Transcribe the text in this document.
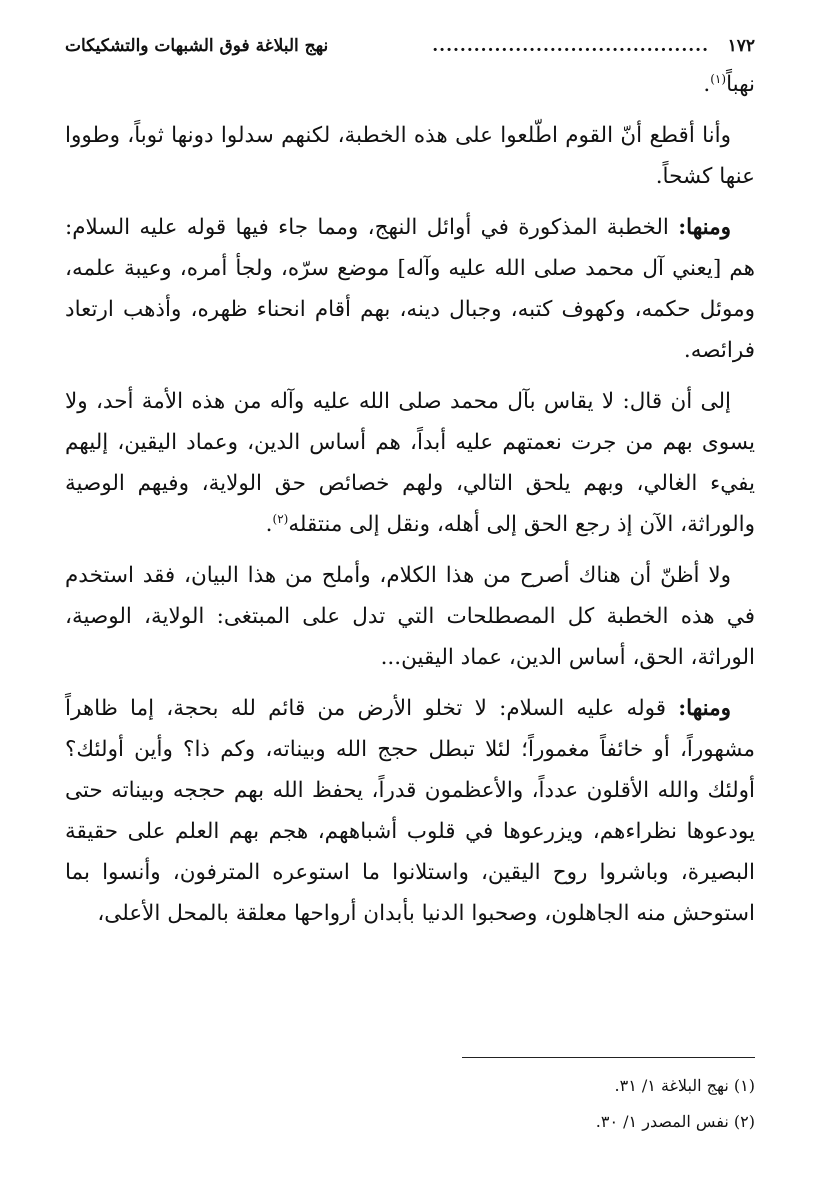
١٧٢
........................................
نهج البلاغة فوق الشبهات والتشكيكات

نهباً$^{(١)}$.

وأنا أقطع أنّ القوم اطّلعوا على هذه الخطبة، لكنهم سدلوا دونها ثوباً، وطووا عنها كشحاً.

ومنها: الخطبة المذكورة في أوائل النهج، ومما جاء فيها قوله عليه السلام: هم [يعني آل محمد صلى الله عليه وآله] موضع سرّه، ولجأ أمره، وعيبة علمه، وموئل حكمه، وكهوف كتبه، وجبال دينه، بهم أقام انحناء ظهره، وأذهب ارتعاد فرائصه.

إلى أن قال: لا يقاس بآل محمد صلى الله عليه وآله من هذه الأمة أحد، ولا يسوى بهم من جرت نعمتهم عليه أبداً، هم أساس الدين، وعماد اليقين، إليهم يفيء الغالي، وبهم يلحق التالي، ولهم خصائص حق الولاية، وفيهم الوصية والوراثة، الآن إذ رجع الحق إلى أهله، ونقل إلى منتقله$^{(٢)}$.

ولا أظنّ أن هناك أصرح من هذا الكلام، وأملح من هذا البيان، فقد استخدم في هذه الخطبة كل المصطلحات التي تدل على المبتغى: الولاية، الوصية، الوراثة، الحق، أساس الدين، عماد اليقين...

ومنها: قوله عليه السلام: لا تخلو الأرض من قائم لله بحجة، إما ظاهراً مشهوراً، أو خائفاً مغموراً؛ لئلا تبطل حجج الله وبيناته، وكم ذا؟ وأين أولئك؟ أولئك والله الأقلون عدداً، والأعظمون قدراً، يحفظ الله بهم حججه وبيناته حتى يودعوها نظراءهم، ويزرعوها في قلوب أشباههم، هجم بهم العلم على حقيقة البصيرة، وباشروا روح اليقين، واستلانوا ما استوعره المترفون، وأنسوا بما استوحش منه الجاهلون، وصحبوا الدنيا بأبدان أرواحها معلقة بالمحل الأعلى،

(١) نهج البلاغة ١/ ٣١.
(٢) نفس المصدر ١/ ٣٠.
